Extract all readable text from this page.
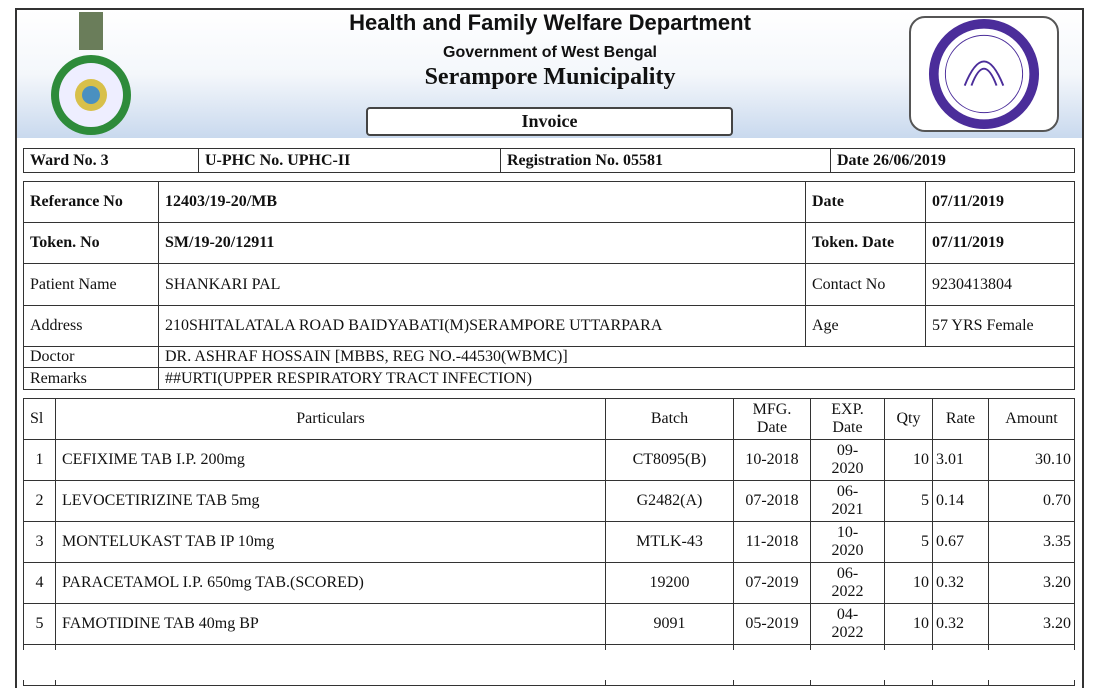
Health and Family Welfare Department
Government of West Bengal
Serampore Municipality
Invoice
Ward No. 3	U-PHC No. UPHC-II	Registration No. 05581	Date 26/06/2019
Referance No	12403/19-20/MB	Date	07/11/2019
Token. No	SM/19-20/12911	Token. Date	07/11/2019
Patient Name	SHANKARI PAL	Contact No	9230413804
Address	210SHITALATALA ROAD BAIDYABATI(M)SERAMPORE UTTARPARA	Age	57 YRS Female
Doctor	DR. ASHRAF HOSSAIN [MBBS, REG NO.-44530(WBMC)]		
Remarks	##URTI(UPPER RESPIRATORY TRACT INFECTION)		
Sl	Particulars	Batch	MFG. Date	EXP. Date	Qty	Rate	Amount
1	CEFIXIME TAB I.P. 200mg	CT8095(B)	10-2018	09-2020	10	3.01	30.10
2	LEVOCETIRIZINE TAB 5mg	G2482(A)	07-2018	06-2021	5	0.14	0.70
3	MONTELUKAST TAB IP 10mg	MTLK-43	11-2018	10-2020	5	0.67	3.35
4	PARACETAMOL I.P. 650mg TAB.(SCORED)	19200	07-2019	06-2022	10	0.32	3.20
5	FAMOTIDINE TAB 40mg BP	9091	05-2019	04-2022	10	0.32	3.20
